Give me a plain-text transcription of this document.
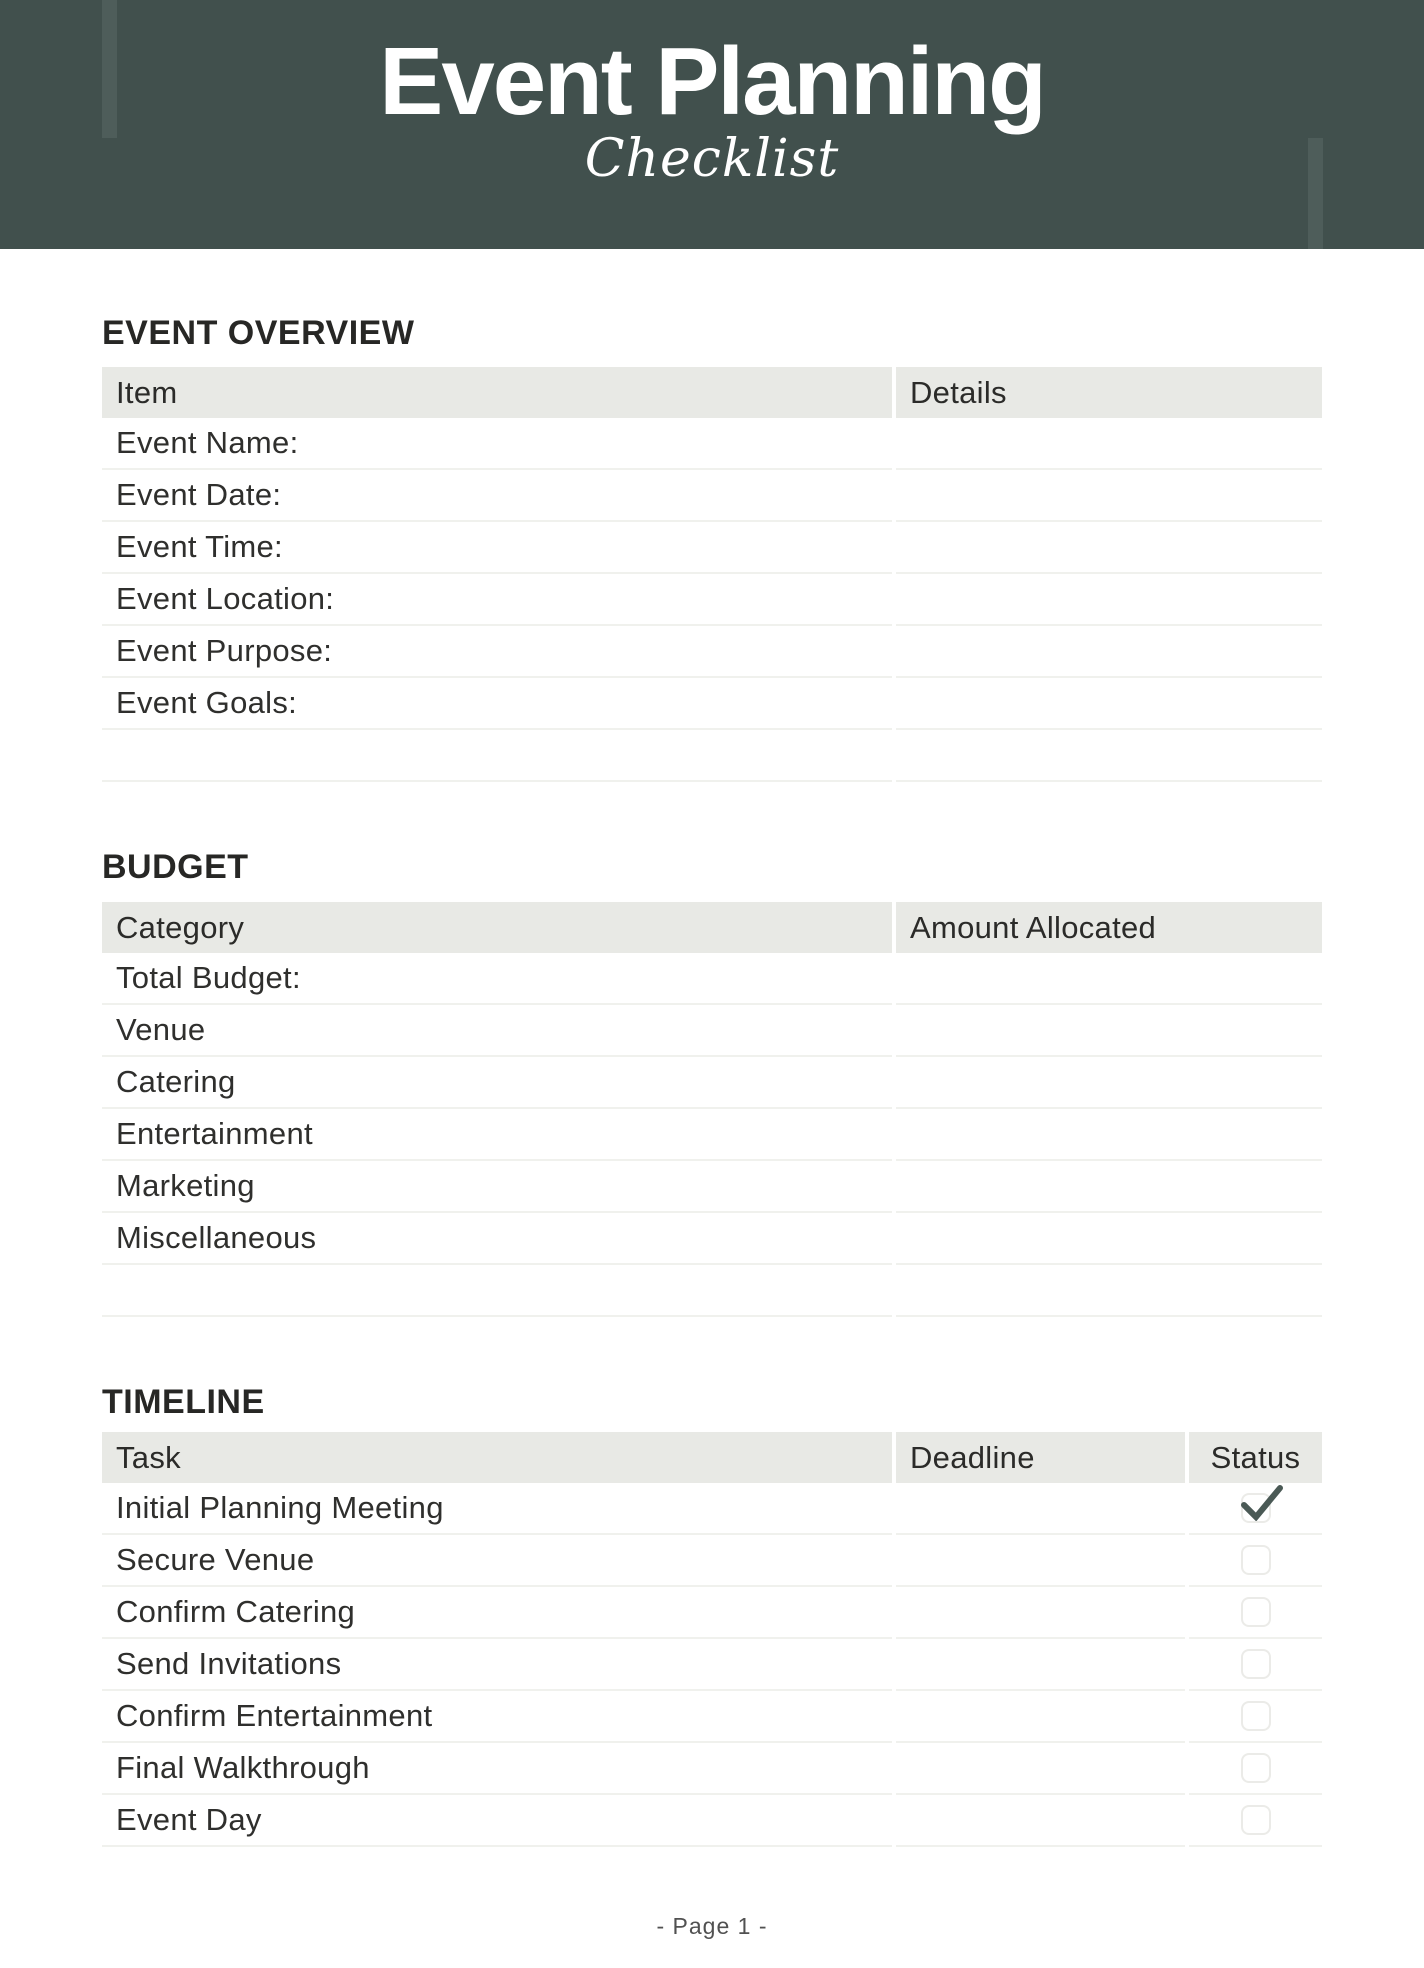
Event Planning
Checklist
EVENT OVERVIEW
Item	Details
Event Name:
Event Date:
Event Time:
Event Location:
Event Purpose:
Event Goals:
BUDGET
Category	Amount Allocated
Total Budget:
Venue
Catering
Entertainment
Marketing
Miscellaneous
TIMELINE
Task	Deadline	Status
Initial Planning Meeting
Secure Venue
Confirm Catering
Send Invitations
Confirm Entertainment
Final Walkthrough
Event Day
- Page 1 -
